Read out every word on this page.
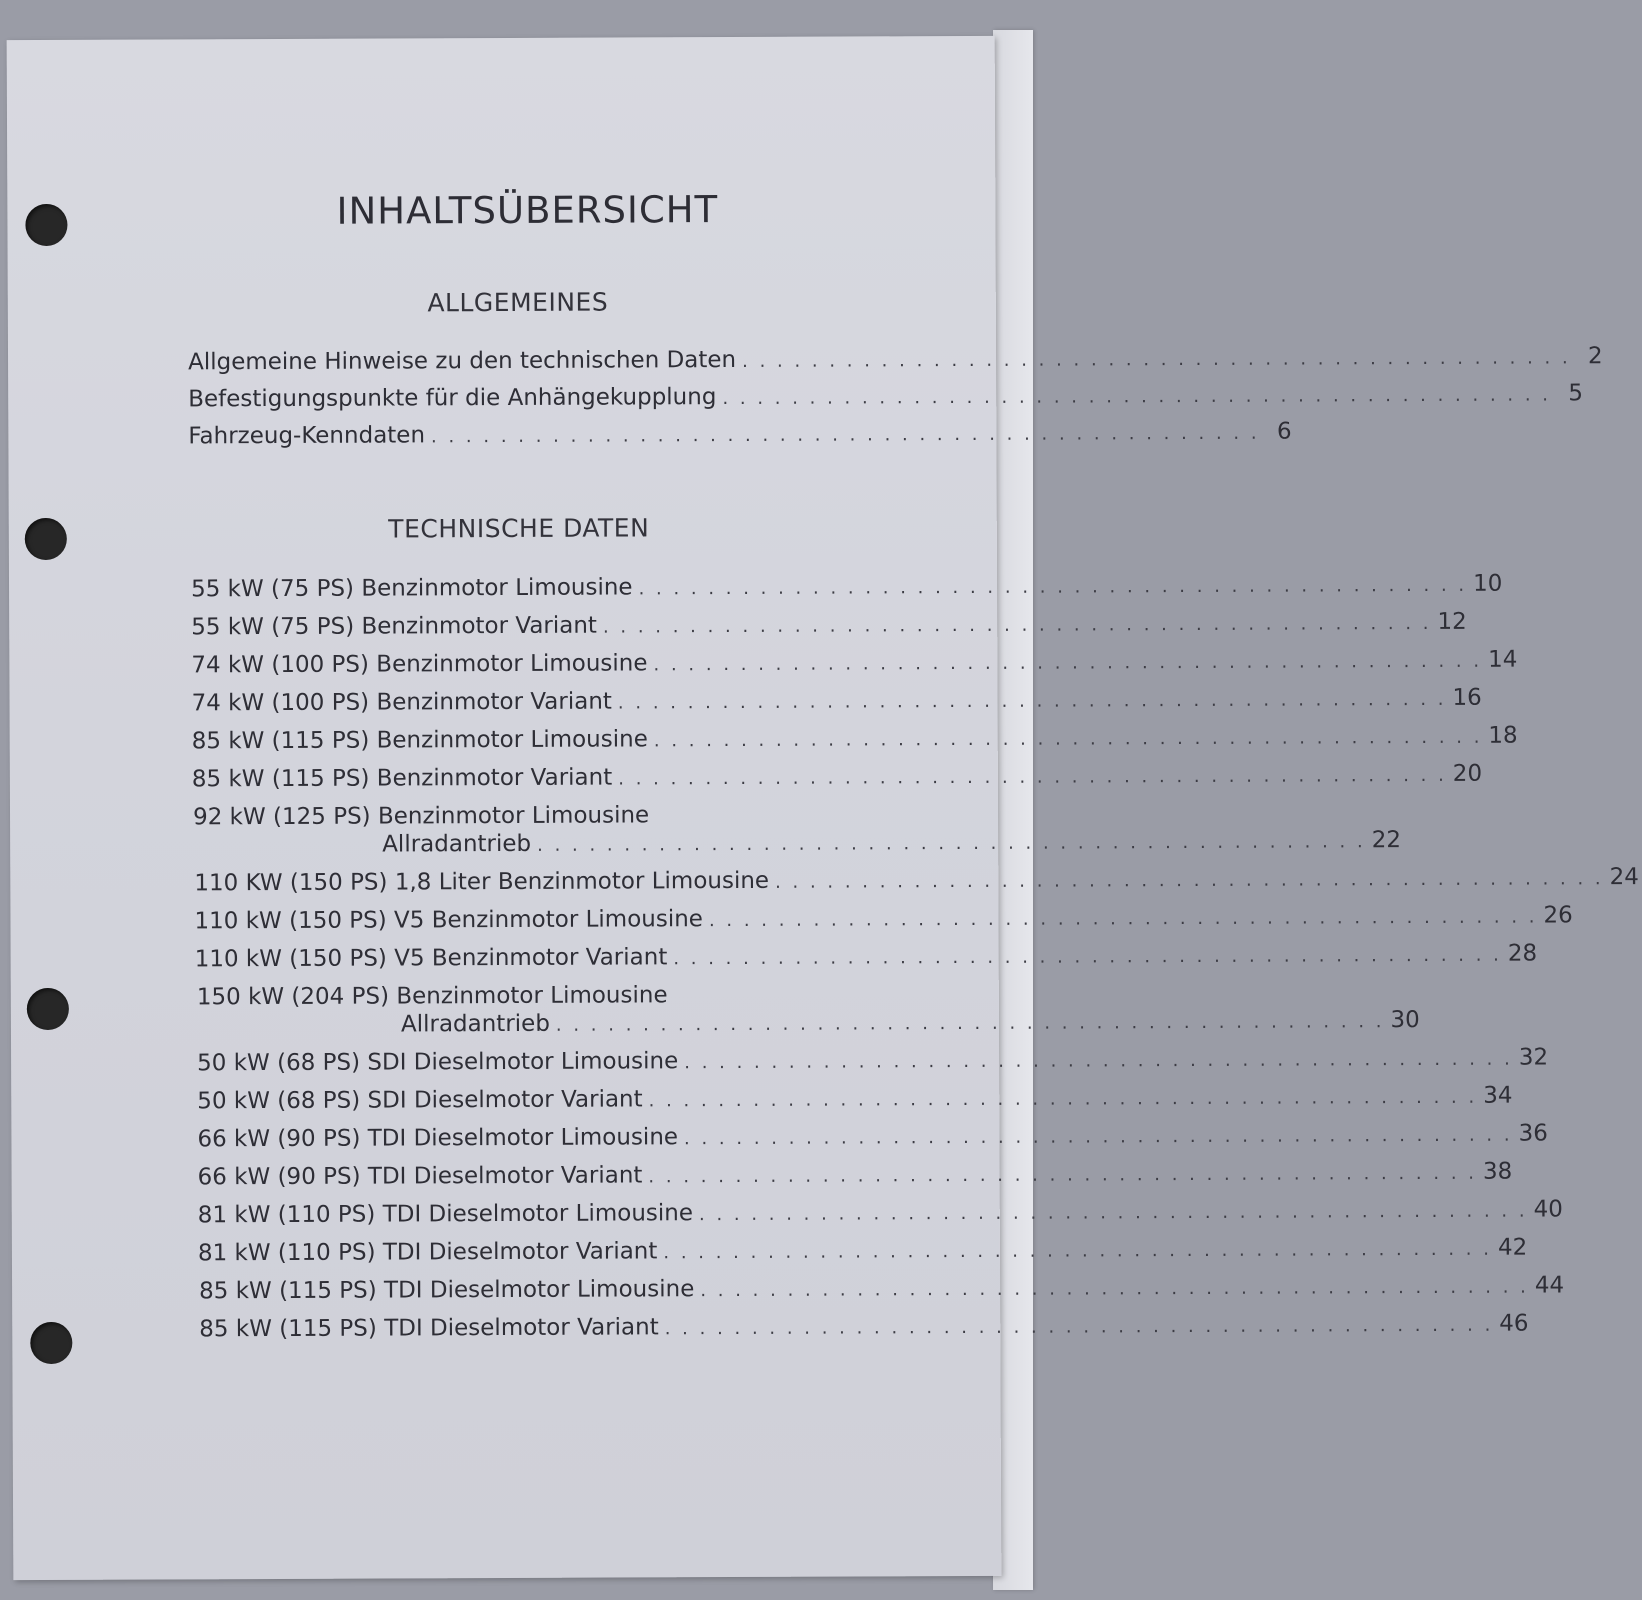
INHALTSÜBERSICHT
ALLGEMEINES
Allgemeine Hinweise zu den technischen Daten . . . . . . . . . . . . . . . . . . . . . . . . . . . . . . . . . . . . . . . . . . . . . . . . 2
Befestigungspunkte für die Anhängekupplung . . . . . . . . . . . . . . . . . . . . . . . . . . . . . . . . . . . . . . . . . . . . . . . . 5
Fahrzeug-Kenndaten . . . . . . . . . . . . . . . . . . . . . . . . . . . . . . . . . . . . . . . . . . . . . . . . 6
TECHNISCHE DATEN
55 kW (75 PS) Benzinmotor Limousine . . . . . . . . . . . . . . . . . . . . . . . . . . . . . . . . . . . . . . . . . . . . . . . . 10
55 kW (75 PS) Benzinmotor Variant . . . . . . . . . . . . . . . . . . . . . . . . . . . . . . . . . . . . . . . . . . . . . . . . 12
74 kW (100 PS) Benzinmotor Limousine . . . . . . . . . . . . . . . . . . . . . . . . . . . . . . . . . . . . . . . . . . . . . . . . 14
74 kW (100 PS) Benzinmotor Variant . . . . . . . . . . . . . . . . . . . . . . . . . . . . . . . . . . . . . . . . . . . . . . . . 16
85 kW (115 PS) Benzinmotor Limousine . . . . . . . . . . . . . . . . . . . . . . . . . . . . . . . . . . . . . . . . . . . . . . . . 18
85 kW (115 PS) Benzinmotor Variant . . . . . . . . . . . . . . . . . . . . . . . . . . . . . . . . . . . . . . . . . . . . . . . . 20
92 kW (125 PS) Benzinmotor Limousine
Allradantrieb . . . . . . . . . . . . . . . . . . . . . . . . . . . . . . . . . . . . . . . . . . . . . . . . 22
110 KW (150 PS) 1,8 Liter Benzinmotor Limousine . . . . . . . . . . . . . . . . . . . . . . . . . . . . . . . . . . . . . . . . . . . . . . . . 24
110 kW (150 PS) V5 Benzinmotor Limousine . . . . . . . . . . . . . . . . . . . . . . . . . . . . . . . . . . . . . . . . . . . . . . . . 26
110 kW (150 PS) V5 Benzinmotor Variant . . . . . . . . . . . . . . . . . . . . . . . . . . . . . . . . . . . . . . . . . . . . . . . . 28
150 kW (204 PS) Benzinmotor Limousine
Allradantrieb . . . . . . . . . . . . . . . . . . . . . . . . . . . . . . . . . . . . . . . . . . . . . . . . 30
50 kW (68 PS) SDI Dieselmotor Limousine . . . . . . . . . . . . . . . . . . . . . . . . . . . . . . . . . . . . . . . . . . . . . . . . 32
50 kW (68 PS) SDI Dieselmotor Variant . . . . . . . . . . . . . . . . . . . . . . . . . . . . . . . . . . . . . . . . . . . . . . . . 34
66 kW (90 PS) TDI Dieselmotor Limousine . . . . . . . . . . . . . . . . . . . . . . . . . . . . . . . . . . . . . . . . . . . . . . . . 36
66 kW (90 PS) TDI Dieselmotor Variant . . . . . . . . . . . . . . . . . . . . . . . . . . . . . . . . . . . . . . . . . . . . . . . . 38
81 kW (110 PS) TDI Dieselmotor Limousine . . . . . . . . . . . . . . . . . . . . . . . . . . . . . . . . . . . . . . . . . . . . . . . . 40
81 kW (110 PS) TDI Dieselmotor Variant . . . . . . . . . . . . . . . . . . . . . . . . . . . . . . . . . . . . . . . . . . . . . . . . 42
85 kW (115 PS) TDI Dieselmotor Limousine . . . . . . . . . . . . . . . . . . . . . . . . . . . . . . . . . . . . . . . . . . . . . . . . 44
85 kW (115 PS) TDI Dieselmotor Variant . . . . . . . . . . . . . . . . . . . . . . . . . . . . . . . . . . . . . . . . . . . . . . . . 46
